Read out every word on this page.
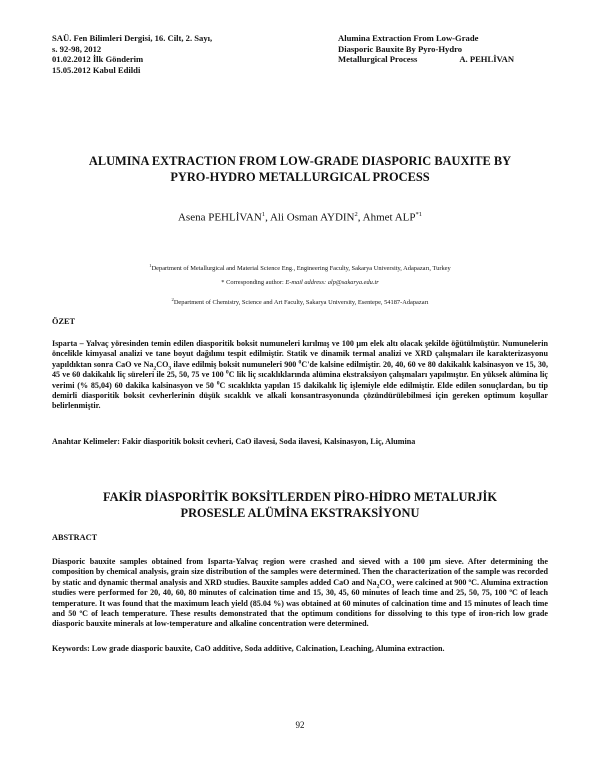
SAÜ. Fen Bilimleri Dergisi, 16. Cilt, 2. Sayı,
s. 92-98, 2012
01.02.2012 İlk Gönderim
15.05.2012 Kabul Edildi
Alumina Extraction From Low-Grade
Diasporic Bauxite By Pyro-Hydro
Metallurgical Process	A. PEHLİVAN
ALUMINA EXTRACTION FROM LOW-GRADE DIASPORIC BAUXITE BY
PYRO-HYDRO METALLURGICAL PROCESS
Asena PEHLİVAN$^1$, Ali Osman AYDIN$^2$, Ahmet ALP$^{*1}$
$^1$Department of Metallurgical and Material Science Eng., Engineering Faculty, Sakarya University, Adapazarı, Turkey
* Corresponding author: E-mail address: alp@sakarya.edu.tr
$^2$Department of Chemistry, Science and Art Faculty, Sakarya University, Esentepe, 54187-Adapazarı
ÖZET
Isparta – Yalvaç yöresinden temin edilen diasporitik boksit numuneleri kırılmış ve 100 µm elek altı olacak şekilde öğütülmüştür. Numunelerin öncelikle kimyasal analizi ve tane boyut dağılımı tespit edilmiştir. Statik ve dinamik termal analizi ve XRD çalışmaları ile karakterizasyonu yapıldıktan sonra CaO ve $Na_2CO_3$ ilave edilmiş boksit numuneleri 900 $^0$C'de kalsine edilmiştir. 20, 40, 60 ve 80 dakikalık kalsinasyon ve 15, 30, 45 ve 60 dakikalık liç süreleri ile 25, 50, 75 ve 100 $^0$C lik liç sıcaklıklarında alümina ekstraksiyon çalışmaları yapılmıştır. En yüksek alümina liç verimi (% 85,04) 60 dakika kalsinasyon ve 50 $^0$C sıcaklıkta yapılan 15 dakikalık liç işlemiyle elde edilmiştir. Elde edilen sonuçlardan, bu tip demirli diasporitik boksit cevherlerinin düşük sıcaklık ve alkali konsantrasyonunda çözündürülebilmesi için gereken optimum koşullar belirlenmiştir.
Anahtar Kelimeler: Fakir diasporitik boksit cevheri, CaO ilavesi, Soda ilavesi, Kalsinasyon, Liç, Alumina
FAKİR DİASPORİTİK BOKSİTLERDEN PİRO-HİDRO METALURJİK
PROSESLE ALÜMİNA EKSTRAKSİYONU
ABSTRACT
Diasporic bauxite samples obtained from Isparta-Yalvaç region were crashed and sieved with a 100 µm sieve. After determining the composition by chemical analysis, grain size distribution of the samples were determined. Then the characterization of the sample was recorded by static and dynamic thermal analysis and XRD studies. Bauxite samples added CaO and $Na_2CO_3$ were calcined at 900 ºC. Alumina extraction studies were performed for 20, 40, 60, 80 minutes of calcination time and 15, 30, 45, 60 minutes of leach time and 25, 50, 75, 100 ºC of leach temperature. It was found that the maximum leach yield (85.04 %) was obtained at 60 minutes of calcination time and 15 minutes of leach time and 50 ºC of leach temperature. These results demonstrated that the optimum conditions for dissolving to this type of iron-rich low grade diasporic bauxite minerals at low-temperature and alkaline concentration were determined.
Keywords: Low grade diasporic bauxite, CaO additive, Soda additive, Calcination, Leaching, Alumina extraction.
92
